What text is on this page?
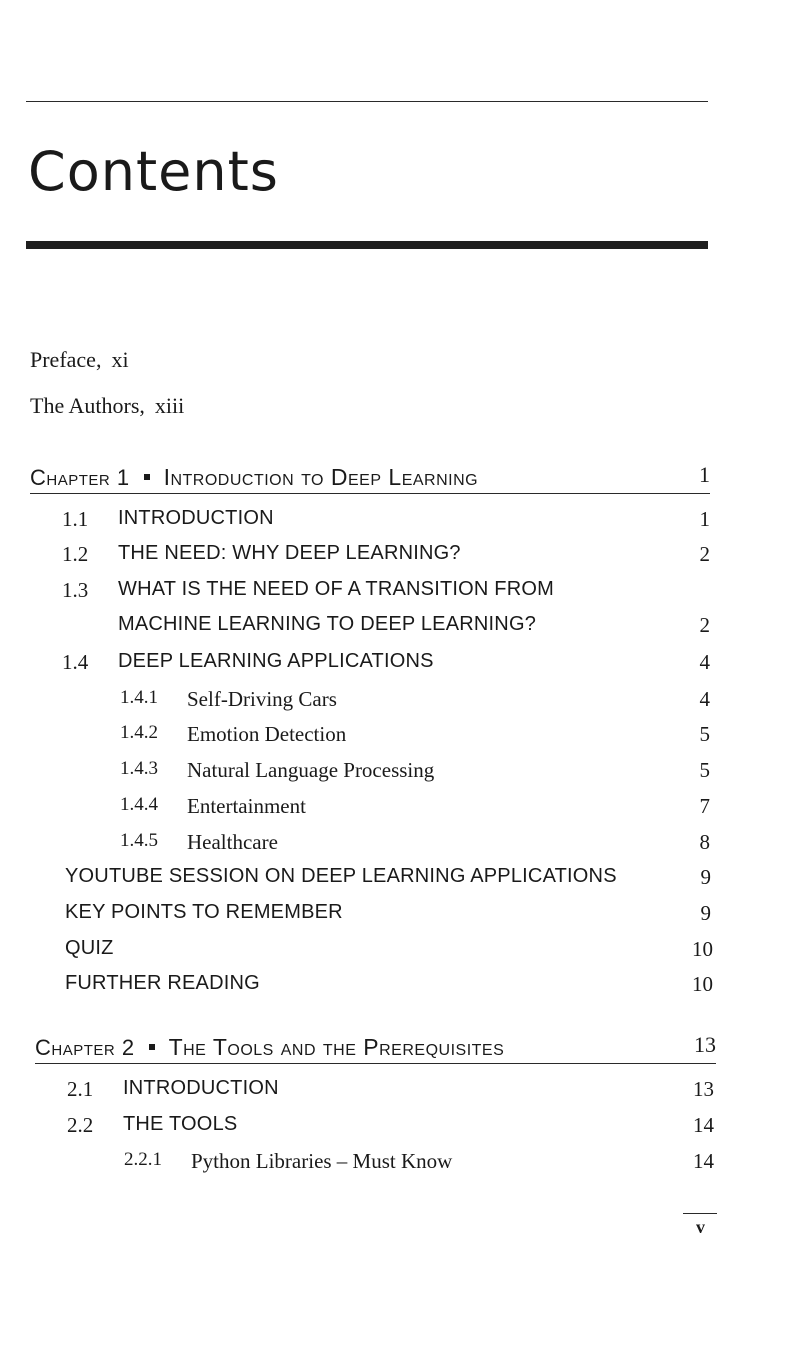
Contents
Preface, xi
The Authors, xiii
Chapter 1 Introduction to Deep Learning	1
1.1 INTRODUCTION	1
1.2 THE NEED: WHY DEEP LEARNING?	2
1.3 WHAT IS THE NEED OF A TRANSITION FROM
MACHINE LEARNING TO DEEP LEARNING?	2
1.4 DEEP LEARNING APPLICATIONS	4
1.4.1 Self-Driving Cars	4
1.4.2 Emotion Detection	5
1.4.3 Natural Language Processing	5
1.4.4 Entertainment	7
1.4.5 Healthcare	8
YOUTUBE SESSION ON DEEP LEARNING APPLICATIONS	9
KEY POINTS TO REMEMBER	9
QUIZ	10
FURTHER READING	10
Chapter 2 The Tools and the Prerequisites	13
2.1 INTRODUCTION	13
2.2 THE TOOLS	14
2.2.1 Python Libraries – Must Know	14
v
